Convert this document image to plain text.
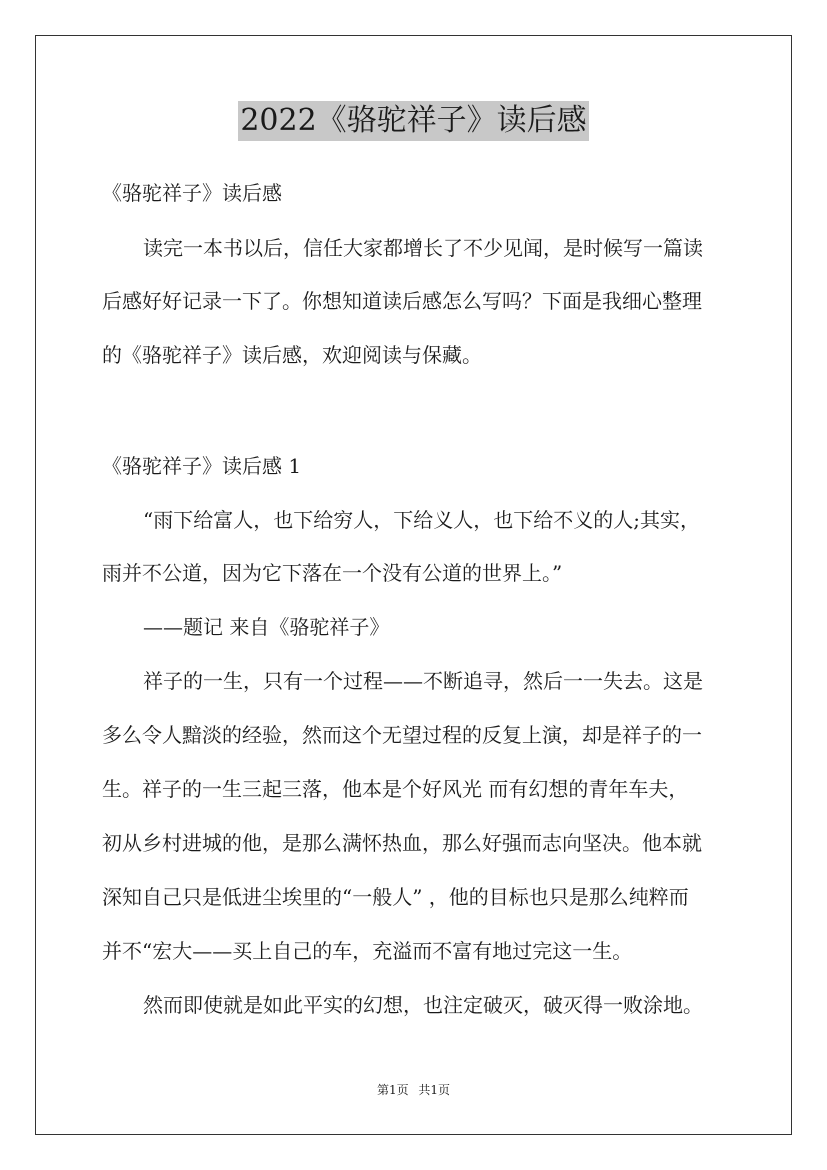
2022《骆驼祥子》读后感
《骆驼祥子》读后感
读完一本书以后，信任大家都增长了不少见闻，是时候写一篇读
后感好好记录一下了。你想知道读后感怎么写吗？下面是我细心整理
的《骆驼祥子》读后感，欢迎阅读与保藏。
《骆驼祥子》读后感 1
“雨下给富人，也下给穷人，下给义人，也下给不义的人;其实，
雨并不公道，因为它下落在一个没有公道的世界上。”
——题记 来自《骆驼祥子》
祥子的一生，只有一个过程——不断追寻，然后一一失去。这是
多么令人黯淡的经验，然而这个无望过程的反复上演，却是祥子的一
生。祥子的一生三起三落，他本是个好风光 而有幻想的青年车夫，
初从乡村进城的他，是那么满怀热血，那么好强而志向坚决。他本就
深知自己只是低进尘埃里的“一般人” ，他的目标也只是那么纯粹而
并不“宏大——买上自己的车，充溢而不富有地过完这一生。
然而即使就是如此平实的幻想，也注定破灭，破灭得一败涂地。
第1页 共1页
